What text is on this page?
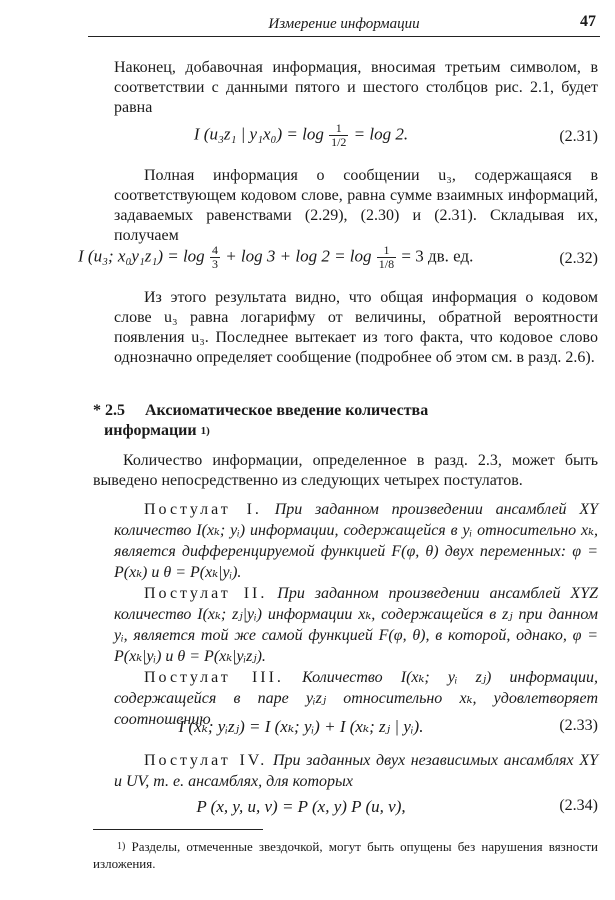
Измерение информации	47

Наконец, добавочная информация, вносимая третьим символом, в соответствии с данными пятого и шестого столбцов рис. 2.1, будет равна

I (u₃z₁ | $y_1x_0) = \log \frac{1}{1/2} = \log 2$.	(2.31)

Полная информация о сообщении u₃, содержащаяся в соответствующем кодовом слове, равна сумме взаимных информаций, задаваемых равенствами (2.29), (2.30) и (2.31). Складывая их, получаем

I (u₃; $x_0y_1z_1) = \log \frac{4}{3} + \log 3 + \log 2 = \log \frac{1}{1/8} = 3$ дв. ед.	(2.32)

Из этого результата видно, что общая информация о кодовом слове u₃ равна логарифму от величины, обратной вероятности появления u₃. Последнее вытекает из того факта, что кодовое слово однозначно определяет сообщение (подробнее об этом см. в разд. 2.6).

* 2.5 Аксиоматическое введение количества
информации $^{1)}$

Количество информации, определенное в разд. 2.3, может быть выведено непосредственно из следующих четырех постулатов.

Постулат I. При заданном произведении ансамблей XY количество I(xₖ; yᵢ) информации, содержащейся в yᵢ относительно xₖ, является дифференцируемой функцией F(φ, θ) двух переменных: φ = P(xₖ) и θ = P(xₖ|yᵢ).

Постулат II. При заданном произведении ансамблей XYZ количество I(xₖ; zⱼ|yᵢ) информации xₖ, содержащейся в zⱼ при данном yᵢ, является той же самой функцией F(φ, θ), в которой, однако, φ = P(xₖ|yᵢ) и θ = P(xₖ|yᵢzⱼ).

Постулат III. Количество I(xₖ; yᵢ zⱼ) информации, содержащейся в паре yᵢzⱼ относительно xₖ, удовлетворяет соотношению

I (xₖ; yᵢzⱼ) = I (xₖ; yᵢ) + I (xₖ; zⱼ | yᵢ).	(2.33)

Постулат IV. При заданных двух независимых ансамблях XY и UV, т. е. ансамблях, для которых

P (x, y, u, v) = P (x, y) P (u, v),	(2.34)

$^{1)}$ Разделы, отмеченные звездочкой, могут быть опущены без нарушения вязности изложения.
